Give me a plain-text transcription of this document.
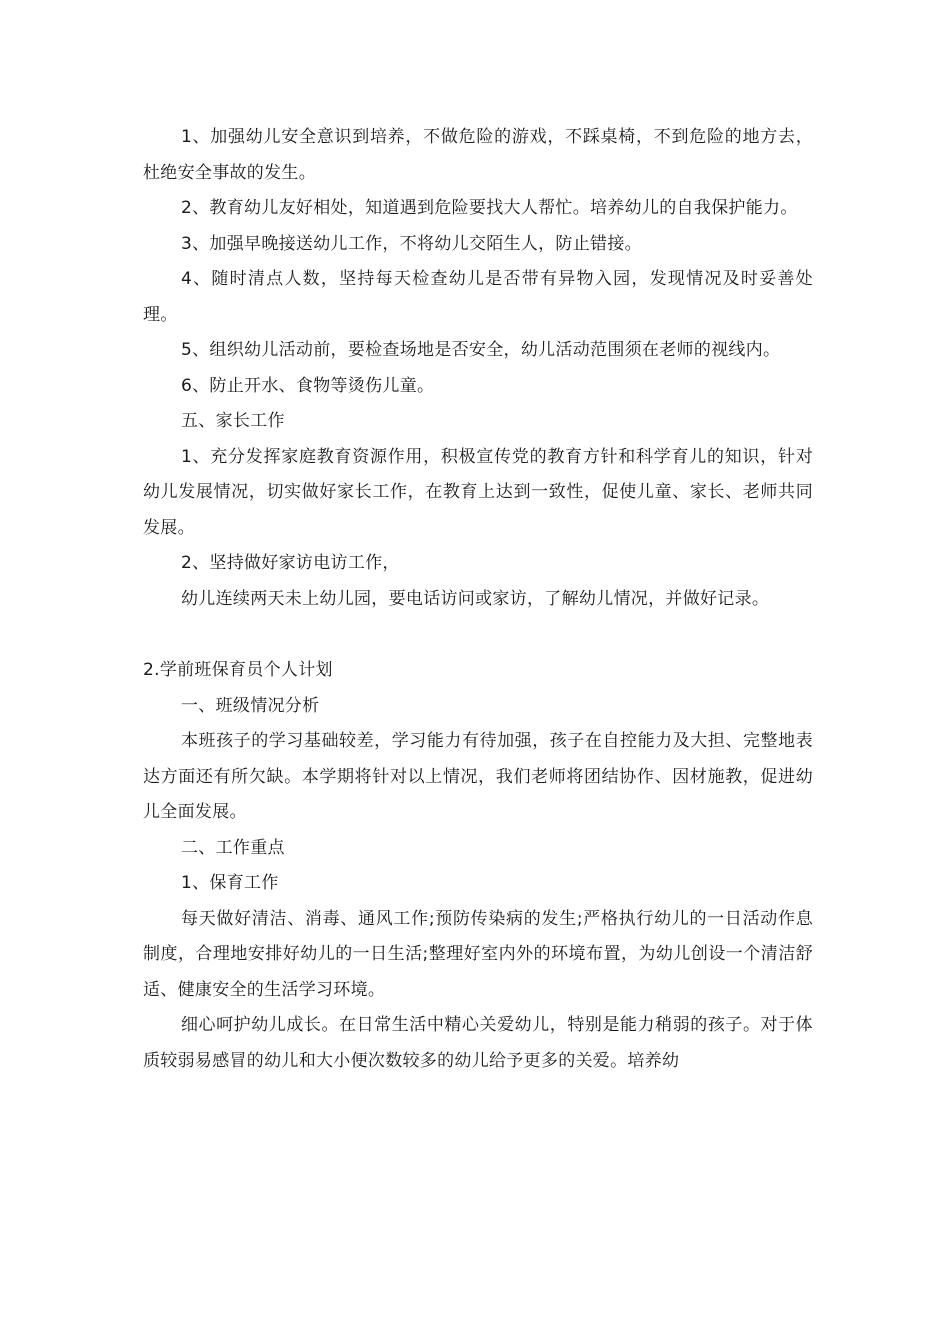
1、加强幼儿安全意识到培养，不做危险的游戏，不踩桌椅，不到危险的地方去，杜绝安全事故的发生。

2、教育幼儿友好相处，知道遇到危险要找大人帮忙。培养幼儿的自我保护能力。

3、加强早晚接送幼儿工作，不将幼儿交陌生人，防止错接。

4、随时清点人数，坚持每天检查幼儿是否带有异物入园，发现情况及时妥善处理。

5、组织幼儿活动前，要检查场地是否安全，幼儿活动范围须在老师的视线内。

6、防止开水、食物等烫伤儿童。

五、家长工作

1、充分发挥家庭教育资源作用，积极宣传党的教育方针和科学育儿的知识，针对幼儿发展情况，切实做好家长工作，在教育上达到一致性，促使儿童、家长、老师共同发展。

2、坚持做好家访电访工作，

幼儿连续两天未上幼儿园，要电话访问或家访，了解幼儿情况，并做好记录。

2.学前班保育员个人计划

一、班级情况分析

本班孩子的学习基础较差，学习能力有待加强，孩子在自控能力及大担、完整地表达方面还有所欠缺。本学期将针对以上情况，我们老师将团结协作、因材施教，促进幼儿全面发展。

二、工作重点

1、保育工作

每天做好清洁、消毒、通风工作;预防传染病的发生;严格执行幼儿的一日活动作息制度，合理地安排好幼儿的一日生活;整理好室内外的环境布置，为幼儿创设一个清洁舒适、健康安全的生活学习环境。

细心呵护幼儿成长。在日常生活中精心关爱幼儿，特别是能力稍弱的孩子。对于体质较弱易感冒的幼儿和大小便次数较多的幼儿给予更多的关爱。培养幼
